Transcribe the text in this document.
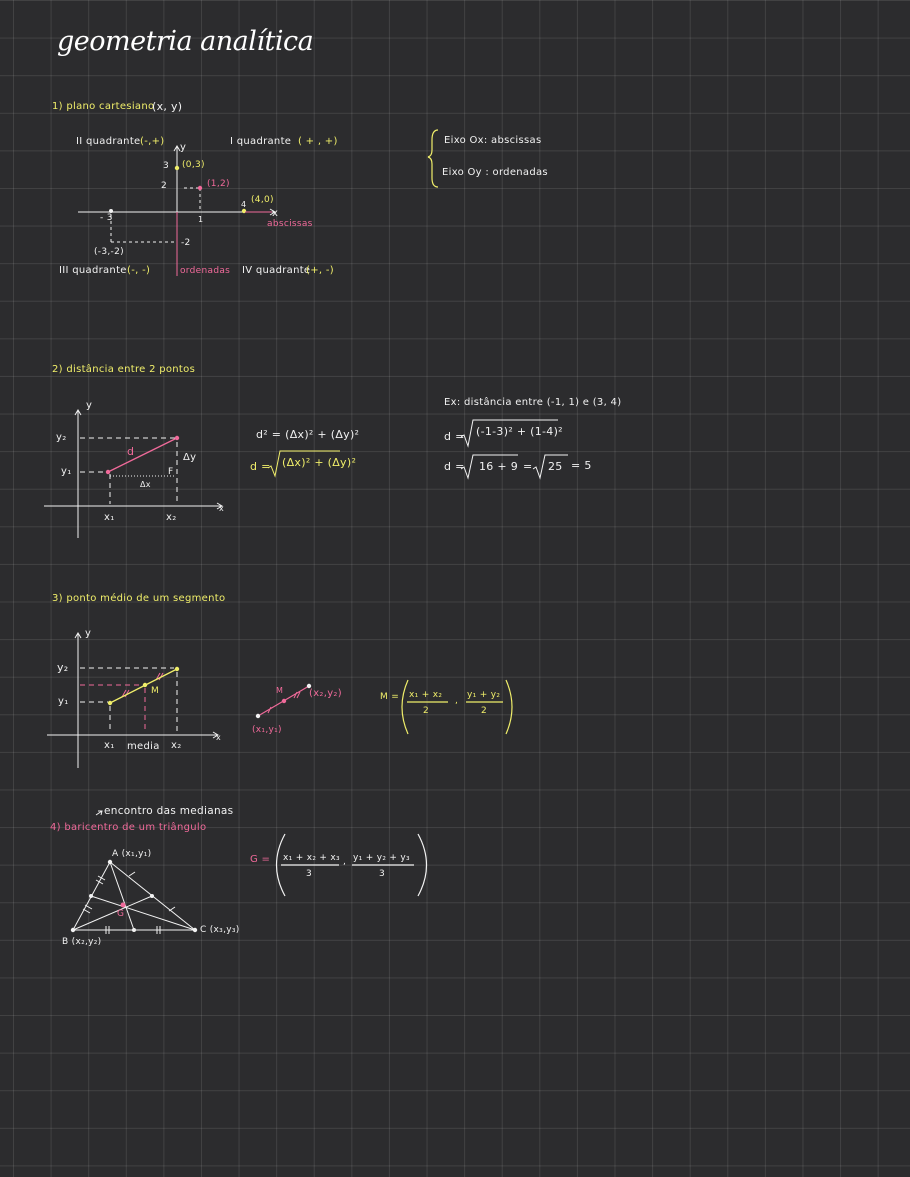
geometria analítica
1) plano cartesiano
(x, y)
II quadrante (-,+)	I quadrante ( + , +)
III quadrante (-, -)	IV quadrante
(+, -)
y
x
3
2
- 3
-2
1
4
(0,3)
(1,2)
(4,0)
(-3,-2)
abscissas
ordenadas
Eixo Ox: abscissas
Eixo Oy : ordenadas
2) distância entre 2 pontos
y
x
y₂
y₁
x₁	x₂
d
Δx
Δy
F
d² = (Δx)² + (Δy)²
d = (Δx)² + (Δy)²
Ex: distância entre (-1, 1) e (3, 4)
d = (-1-3)² + (1-4)²
d = 16 + 9 = 25 = 5
3) ponto médio de um segmento
y
x
y₂
y₁
x₁ media x₂
M	M	(x₂,y₂)
(x₁,y₁)
M = x₁ + x₂
2
,
y₁ + y₂
2
encontro das medianas
4) baricentro de um triângulo
A (x₁,y₁)
B (x₂,y₂)
C (x₃,y₃)
G
G = x₁ + x₂ + x₃
3
, y₁ + y₂ + y₃
3
